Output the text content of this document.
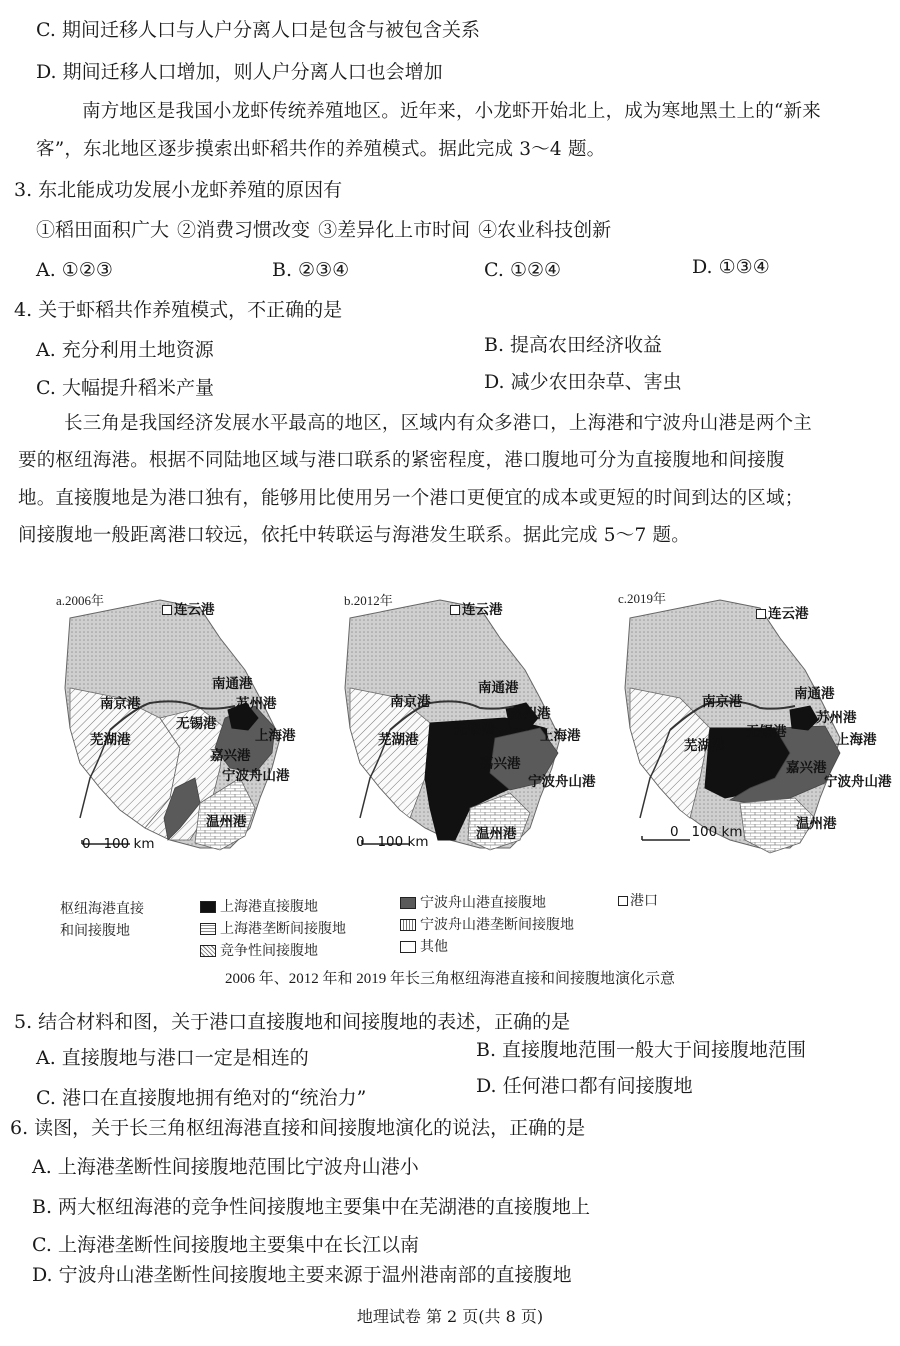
C. 期间迁移人口与人户分离人口是包含与被包含关系
D. 期间迁移人口增加，则人户分离人口也会增加
南方地区是我国小龙虾传统养殖地区。近年来，小龙虾开始北上，成为寒地黑土上的“新来
客”，东北地区逐步摸索出虾稻共作的养殖模式。据此完成 3～4 题。
3. 东北能成功发展小龙虾养殖的原因有
①稻田面积广大 ②消费习惯改变 ③差异化上市时间 ④农业科技创新
A. ①②③	B. ②③④	C. ①②④	D. ①③④
4. 关于虾稻共作养殖模式，不正确的是
A. 充分利用土地资源	B. 提高农田经济收益
C. 大幅提升稻米产量	D. 减少农田杂草、害虫
长三角是我国经济发展水平最高的地区，区域内有众多港口，上海港和宁波舟山港是两个主
要的枢纽海港。根据不同陆地区域与港口联系的紧密程度，港口腹地可分为直接腹地和间接腹
地。直接腹地是为港口独有，能够用比使用另一个港口更便宜的成本或更短的时间到达的区域；
间接腹地一般距离港口较远，依托中转联运与海港发生联系。据此完成 5～7 题。
a.2006年
连云港
南通港
南京港	苏州港
无锡港
芜湖港	上海港
嘉兴港
宁波舟山港
温州港
0 100 km
b.2012年
连云港
南通港
南京港
苏州港
无锡港
芜湖港	上海港
嘉兴港
宁波舟山港
温州港
0 100 km
c.2019年
连云港
南通港
南京港
苏州港
无锡港
芜湖港	上海港
嘉兴港
宁波舟山港
温州港
0 100 km
枢纽海港直接
和间接腹地
上海港直接腹地
上海港垄断间接腹地
竞争性间接腹地
宁波舟山港直接腹地
宁波舟山港垄断间接腹地
其他
港口
2006 年、2012 年和 2019 年长三角枢纽海港直接和间接腹地演化示意
5. 结合材料和图，关于港口直接腹地和间接腹地的表述，正确的是
A. 直接腹地与港口一定是相连的	B. 直接腹地范围一般大于间接腹地范围
C. 港口在直接腹地拥有绝对的“统治力”
D. 任何港口都有间接腹地
6. 读图，关于长三角枢纽海港直接和间接腹地演化的说法，正确的是
A. 上海港垄断性间接腹地范围比宁波舟山港小
B. 两大枢纽海港的竞争性间接腹地主要集中在芜湖港的直接腹地上
C. 上海港垄断性间接腹地主要集中在长江以南
D. 宁波舟山港垄断性间接腹地主要来源于温州港南部的直接腹地
地理试卷 第 2 页(共 8 页)
